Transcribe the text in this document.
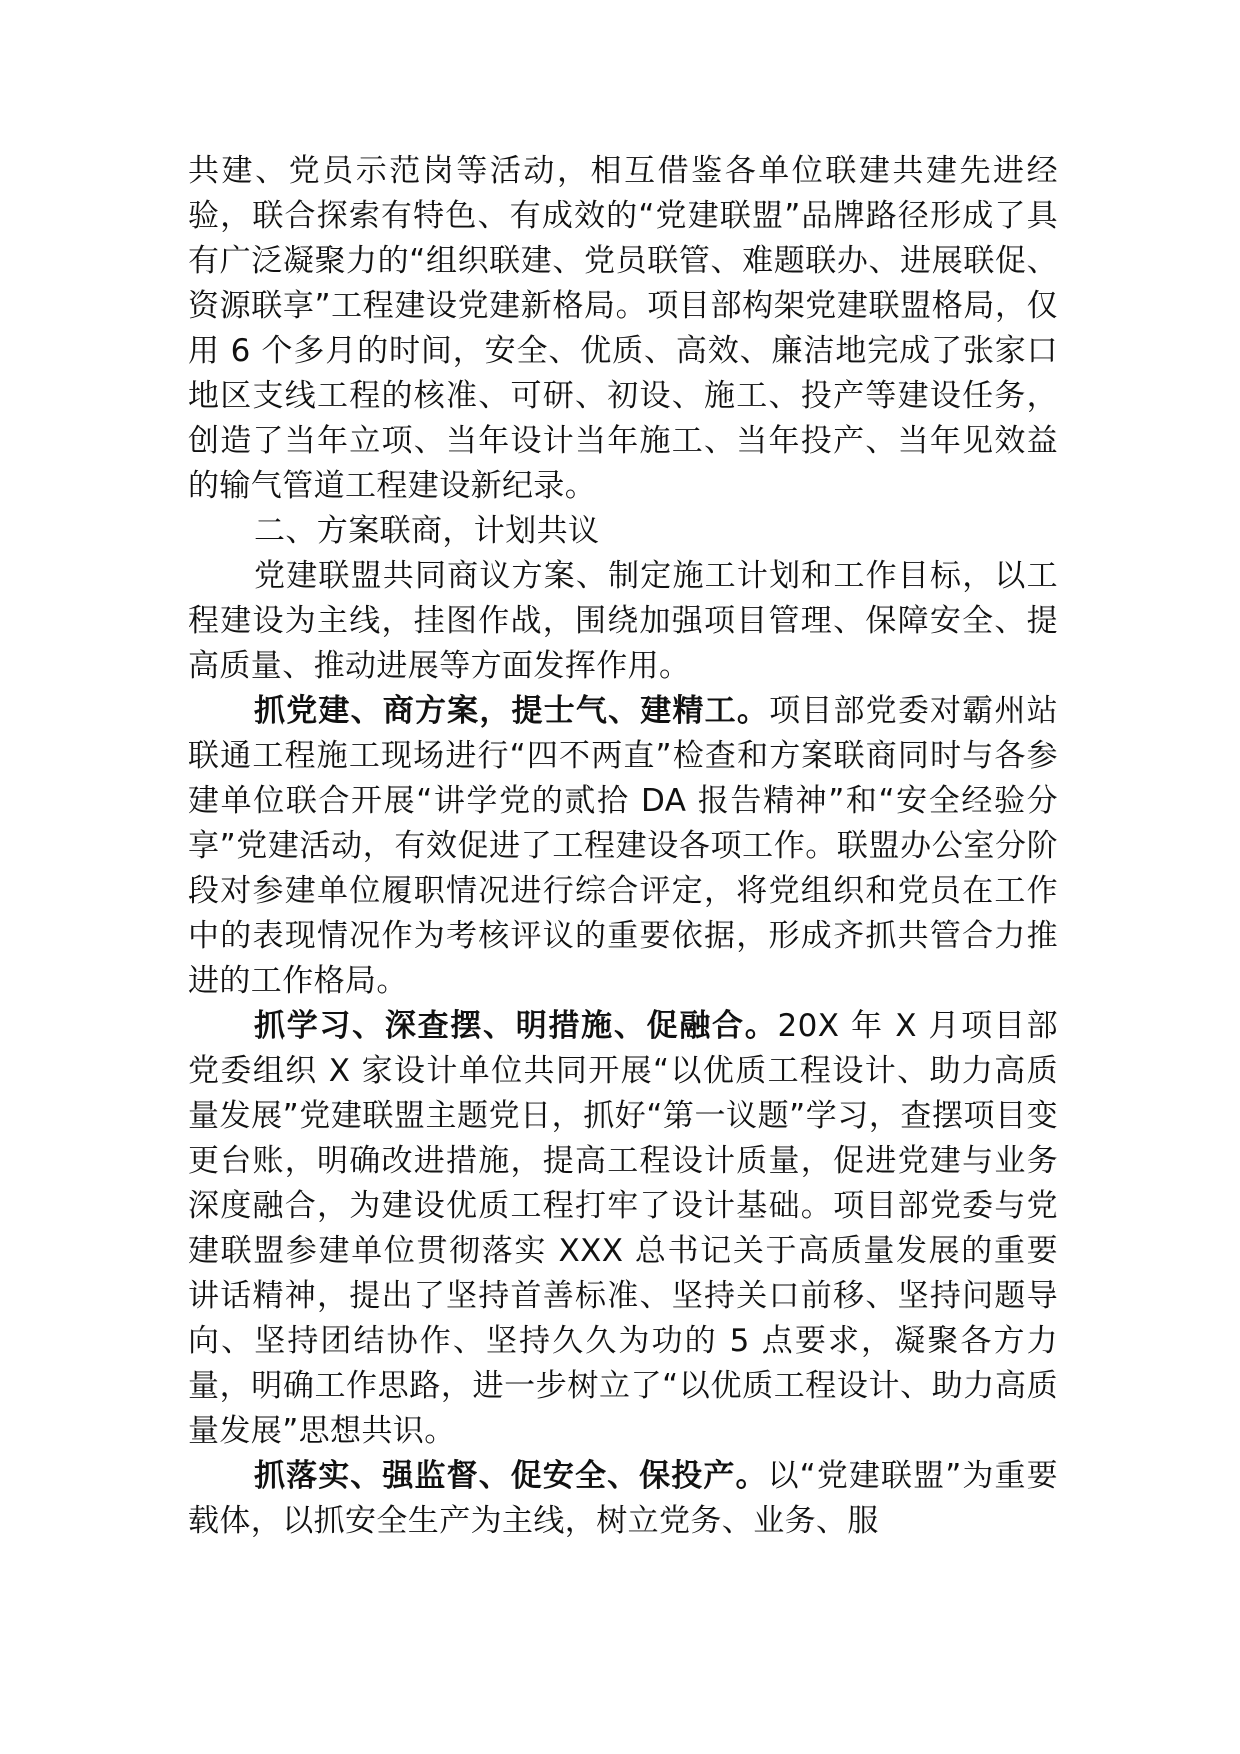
共建、党员示范岗等活动，相互借鉴各单位联建共建先进经验，联合探索有特色、有成效的“党建联盟”品牌路径形成了具有广泛凝聚力的“组织联建、党员联管、难题联办、进展联促、资源联享”工程建设党建新格局。项目部构架党建联盟格局，仅用 6 个多月的时间，安全、优质、高效、廉洁地完成了张家口地区支线工程的核准、可研、初设、施工、投产等建设任务，创造了当年立项、当年设计当年施工、当年投产、当年见效益的输气管道工程建设新纪录。

二、方案联商，计划共议

党建联盟共同商议方案、制定施工计划和工作目标，以工程建设为主线，挂图作战，围绕加强项目管理、保障安全、提高质量、推动进展等方面发挥作用。

抓党建、商方案，提士气、建精工。项目部党委对霸州站联通工程施工现场进行“四不两直”检查和方案联商同时与各参建单位联合开展“讲学党的贰拾 DA 报告精神”和“安全经验分享”党建活动，有效促进了工程建设各项工作。联盟办公室分阶段对参建单位履职情况进行综合评定，将党组织和党员在工作中的表现情况作为考核评议的重要依据，形成齐抓共管合力推进的工作格局。

抓学习、深查摆、明措施、促融合。20X 年 X 月项目部党委组织 X 家设计单位共同开展“以优质工程设计、助力高质量发展”党建联盟主题党日，抓好“第一议题”学习，查摆项目变更台账，明确改进措施，提高工程设计质量，促进党建与业务深度融合，为建设优质工程打牢了设计基础。项目部党委与党建联盟参建单位贯彻落实 XXX 总书记关于高质量发展的重要讲话精神，提出了坚持首善标准、坚持关口前移、坚持问题导向、坚持团结协作、坚持久久为功的 5 点要求，凝聚各方力量，明确工作思路，进一步树立了“以优质工程设计、助力高质量发展”思想共识。

抓落实、强监督、促安全、保投产。以“党建联盟”为重要载体，以抓安全生产为主线，树立党务、业务、服
